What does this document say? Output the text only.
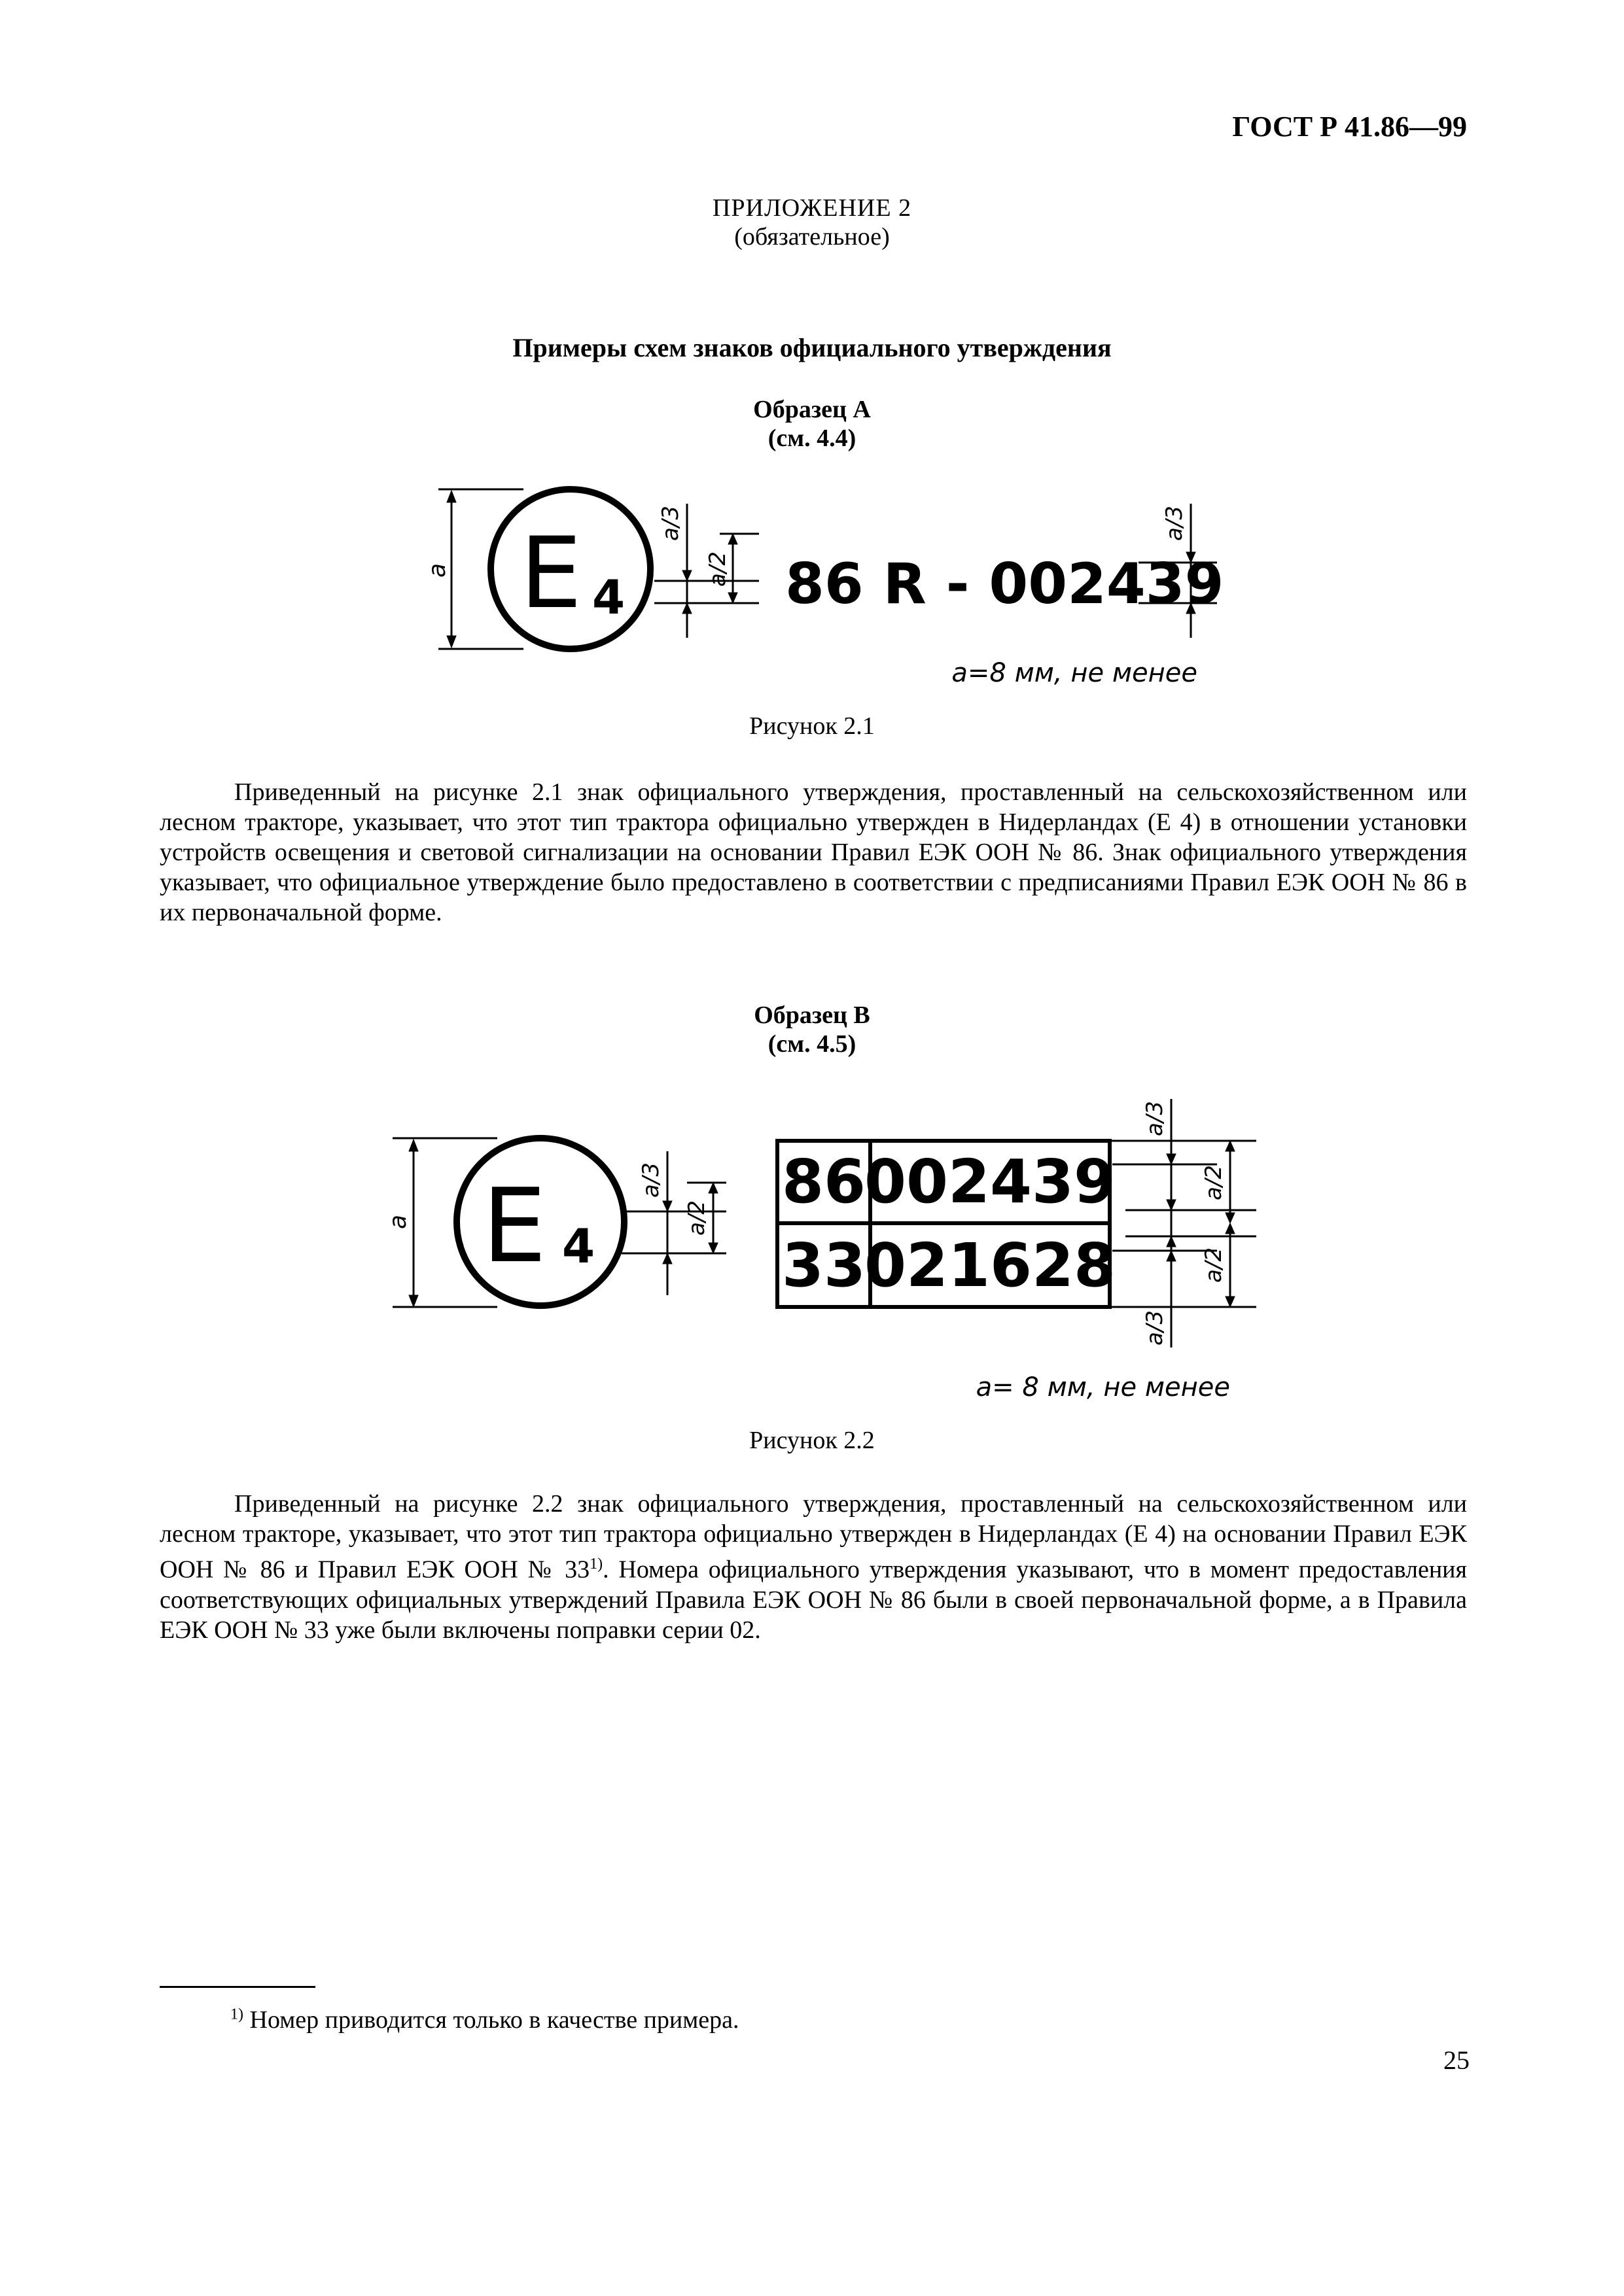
ГОСТ Р 41.86—99
ПРИЛОЖЕНИЕ 2
(обязательное)
Примеры схем знаков официального утверждения
Образец А
(см. 4.4)
E 4	86 R - 002439
a
a/3
a/2
a/3
a=8 мм, не менее
E 4
86
002439
33
021628
a
a/3
a/2
a/3
a/3
a/2
a/2
a= 8 мм, не менее
Рисунок 2.1
Приведенный на рисунке 2.1 знак официального утверждения, проставленный на сельскохозяйственном или лесном тракторе, указывает, что этот тип трактора официально утвержден в Нидерландах (E 4) в отношении установки устройств освещения и световой сигнализации на основании Правил ЕЭК ООН № 86. Знак официального утверждения указывает, что официальное утверждение было предоставлено в соответствии с предписаниями Правил ЕЭК ООН № 86 в их первоначальной форме.
Образец B
(см. 4.5)
Рисунок 2.2
Приведенный на рисунке 2.2 знак официального утверждения, проставленный на сельскохозяйственном или лесном тракторе, указывает, что этот тип трактора официально утвержден в Нидерландах (E 4) на основании Правил ЕЭК ООН № 86 и Правил ЕЭК ООН № 33$^{1)}$. Номера официального утверждения указывают, что в момент предоставления соответствующих официальных утверждений Правила ЕЭК ООН № 86 были в своей первоначальной форме, а в Правила ЕЭК ООН № 33 уже были включены поправки серии 02.
$^{1)}$ Номер приводится только в качестве примера.
25
